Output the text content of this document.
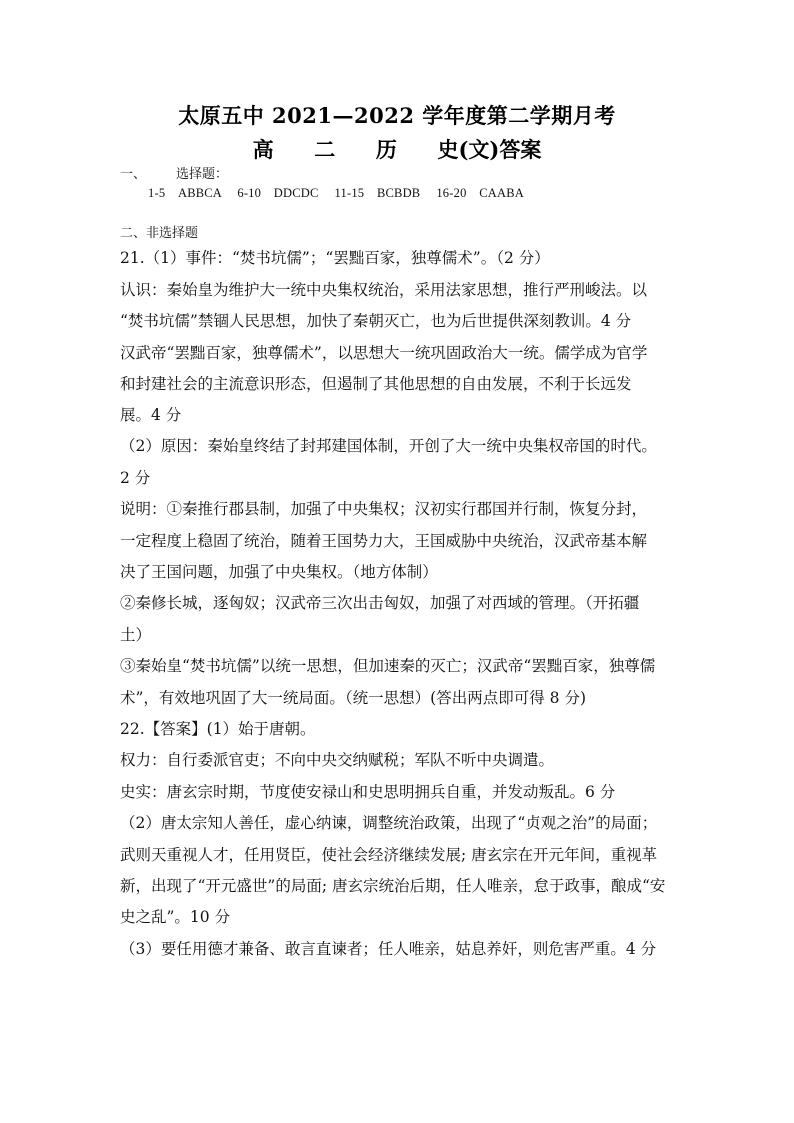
太原五中 2021—2022 学年度第二学期月考
高 二 历 史(文)答案
一、 选择题：
1-5　ABBCA　 6-10　DDCDC　 11-15　BCBDB　 16-20　CAABA
二、非选择题
21.（1）事件：“焚书坑儒”；“罢黜百家，独尊儒术”。（2 分）
认识：秦始皇为维护大一统中央集权统治，采用法家思想，推行严刑峻法。以
“焚书坑儒”禁锢人民思想，加快了秦朝灭亡，也为后世提供深刻教训。4 分
汉武帝“罢黜百家，独尊儒术”，以思想大一统巩固政治大一统。儒学成为官学
和封建社会的主流意识形态，但遏制了其他思想的自由发展，不利于长远发
展。4 分
（2）原因：秦始皇终结了封邦建国体制，开创了大一统中央集权帝国的时代。
2 分
说明：①秦推行郡县制，加强了中央集权；汉初实行郡国并行制，恢复分封，
一定程度上稳固了统治，随着王国势力大，王国威胁中央统治，汉武帝基本解
决了王国问题，加强了中央集权。（地方体制）
②秦修长城，逐匈奴；汉武帝三次出击匈奴，加强了对西域的管理。（开拓疆
土）
③秦始皇“焚书坑儒”以统一思想，但加速秦的灭亡；汉武帝“罢黜百家，独尊儒
术”，有效地巩固了大一统局面。（统一思想）(答出两点即可得 8 分)
22.【答案】(1）始于唐朝。
权力：自行委派官吏；不向中央交纳赋税；军队不听中央调遣。
史实：唐玄宗时期，节度使安禄山和史思明拥兵自重，并发动叛乱。6 分
（2）唐太宗知人善任，虚心纳谏，调整统治政策，出现了“贞观之治”的局面；
武则天重视人才，任用贤臣，使社会经济继续发展; 唐玄宗在开元年间，重视革
新，出现了“开元盛世”的局面; 唐玄宗统治后期，任人唯亲，怠于政事，酿成“安
史之乱”。10 分
（3）要任用德才兼备、敢言直谏者；任人唯亲，姑息养奸，则危害严重。4 分
